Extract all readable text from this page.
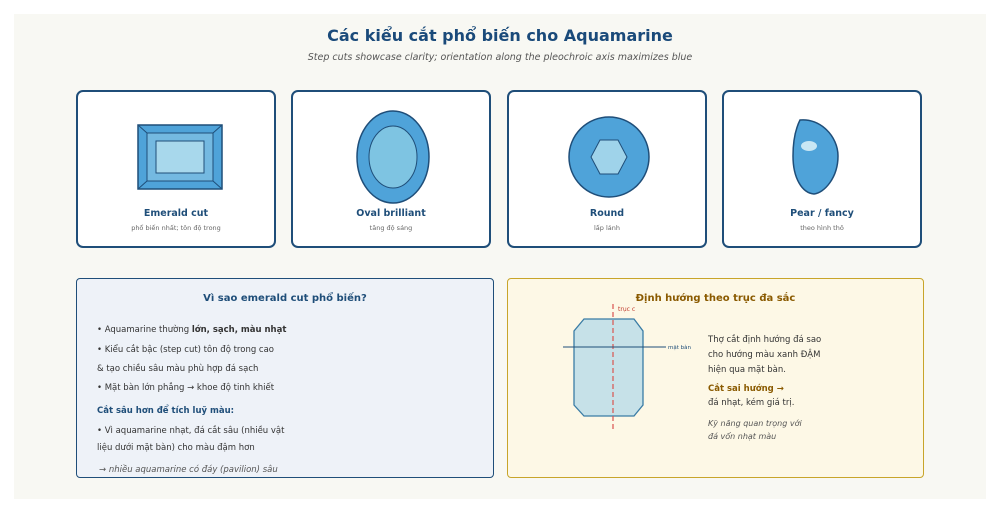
Các kiểu cắt phổ biến cho Aquamarine
Step cuts showcase clarity; orientation along the pleochroic axis maximizes blue
Emerald cut
phổ biến nhất; tôn độ trong
Oval brilliant
tăng độ sáng
Round
lấp lánh
Pear / fancy
theo hình thô
Vì sao emerald cut phổ biến?
• Aquamarine thường lớn, sạch, màu nhạt
• Kiểu cắt bậc (step cut) tôn độ trong cao
& tạo chiều sâu màu phù hợp đá sạch
• Mặt bàn lớn phẳng → khoe độ tinh khiết
Cắt sâu hơn để tích luỹ màu:
• Vì aquamarine nhạt, đá cắt sâu (nhiều vật
liệu dưới mặt bàn) cho màu đậm hơn
→ nhiều aquamarine có đáy (pavilion) sâu
Định hướng theo trục đa sắc
trục c
mặt bàn
Thợ cắt định hướng đá sao
cho hướng màu xanh ĐẬM
hiện qua mặt bàn.
Cắt sai hướng →
đá nhạt, kém giá trị.
Kỹ năng quan trọng với
đá vốn nhạt màu
